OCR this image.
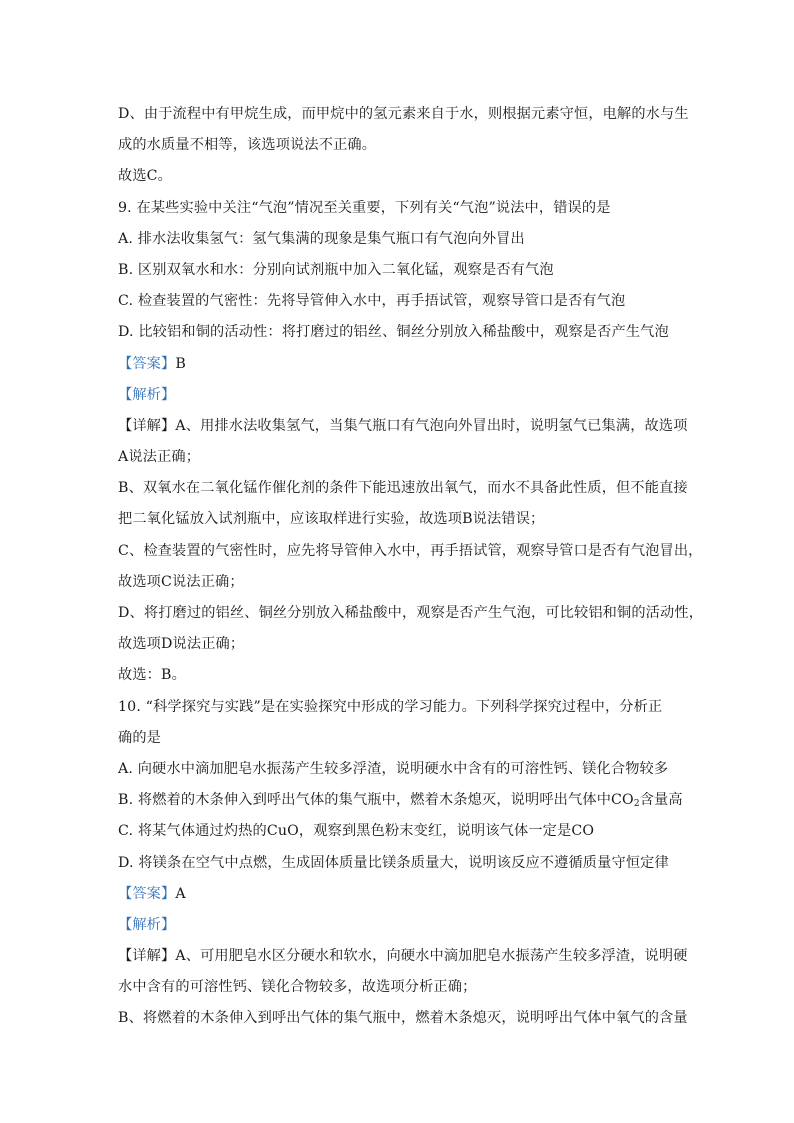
D、由于流程中有甲烷生成，而甲烷中的氢元素来自于水，则根据元素守恒，电解的水与生
成的水质量不相等，该选项说法不正确。
故选C。
9. 在某些实验中关注“气泡”情况至关重要，下列有关“气泡”说法中，错误的是
A. 排水法收集氢气：氢气集满的现象是集气瓶口有气泡向外冒出
B. 区别双氧水和水：分别向试剂瓶中加入二氧化锰，观察是否有气泡
C. 检查装置的气密性：先将导管伸入水中，再手捂试管，观察导管口是否有气泡
D. 比较铝和铜的活动性：将打磨过的铝丝、铜丝分别放入稀盐酸中，观察是否产生气泡
【答案】B
【解析】
【详解】A、用排水法收集氢气，当集气瓶口有气泡向外冒出时，说明氢气已集满，故选项
A说法正确；
B、双氧水在二氧化锰作催化剂的条件下能迅速放出氧气，而水不具备此性质，但不能直接
把二氧化锰放入试剂瓶中，应该取样进行实验，故选项B说法错误；
C、检查装置的气密性时，应先将导管伸入水中，再手捂试管，观察导管口是否有气泡冒出，
故选项C说法正确；
D、将打磨过的铝丝、铜丝分别放入稀盐酸中，观察是否产生气泡，可比较铝和铜的活动性，
故选项D说法正确；
故选：B。
10. “科学探究与实践”是在实验探究中形成的学习能力。下列科学探究过程中，分析正
确的是
A. 向硬水中滴加肥皂水振荡产生较多浮渣，说明硬水中含有的可溶性钙、镁化合物较多
B. 将燃着的木条伸入到呼出气体的集气瓶中，燃着木条熄灭，说明呼出气体中$CO_2$含量高
C. 将某气体通过灼热的CuO，观察到黑色粉末变红，说明该气体一定是CO
D. 将镁条在空气中点燃，生成固体质量比镁条质量大，说明该反应不遵循质量守恒定律
【答案】A
【解析】
【详解】A、可用肥皂水区分硬水和软水，向硬水中滴加肥皂水振荡产生较多浮渣，说明硬
水中含有的可溶性钙、镁化合物较多，故选项分析正确；
B、将燃着的木条伸入到呼出气体的集气瓶中，燃着木条熄灭，说明呼出气体中氧气的含量
